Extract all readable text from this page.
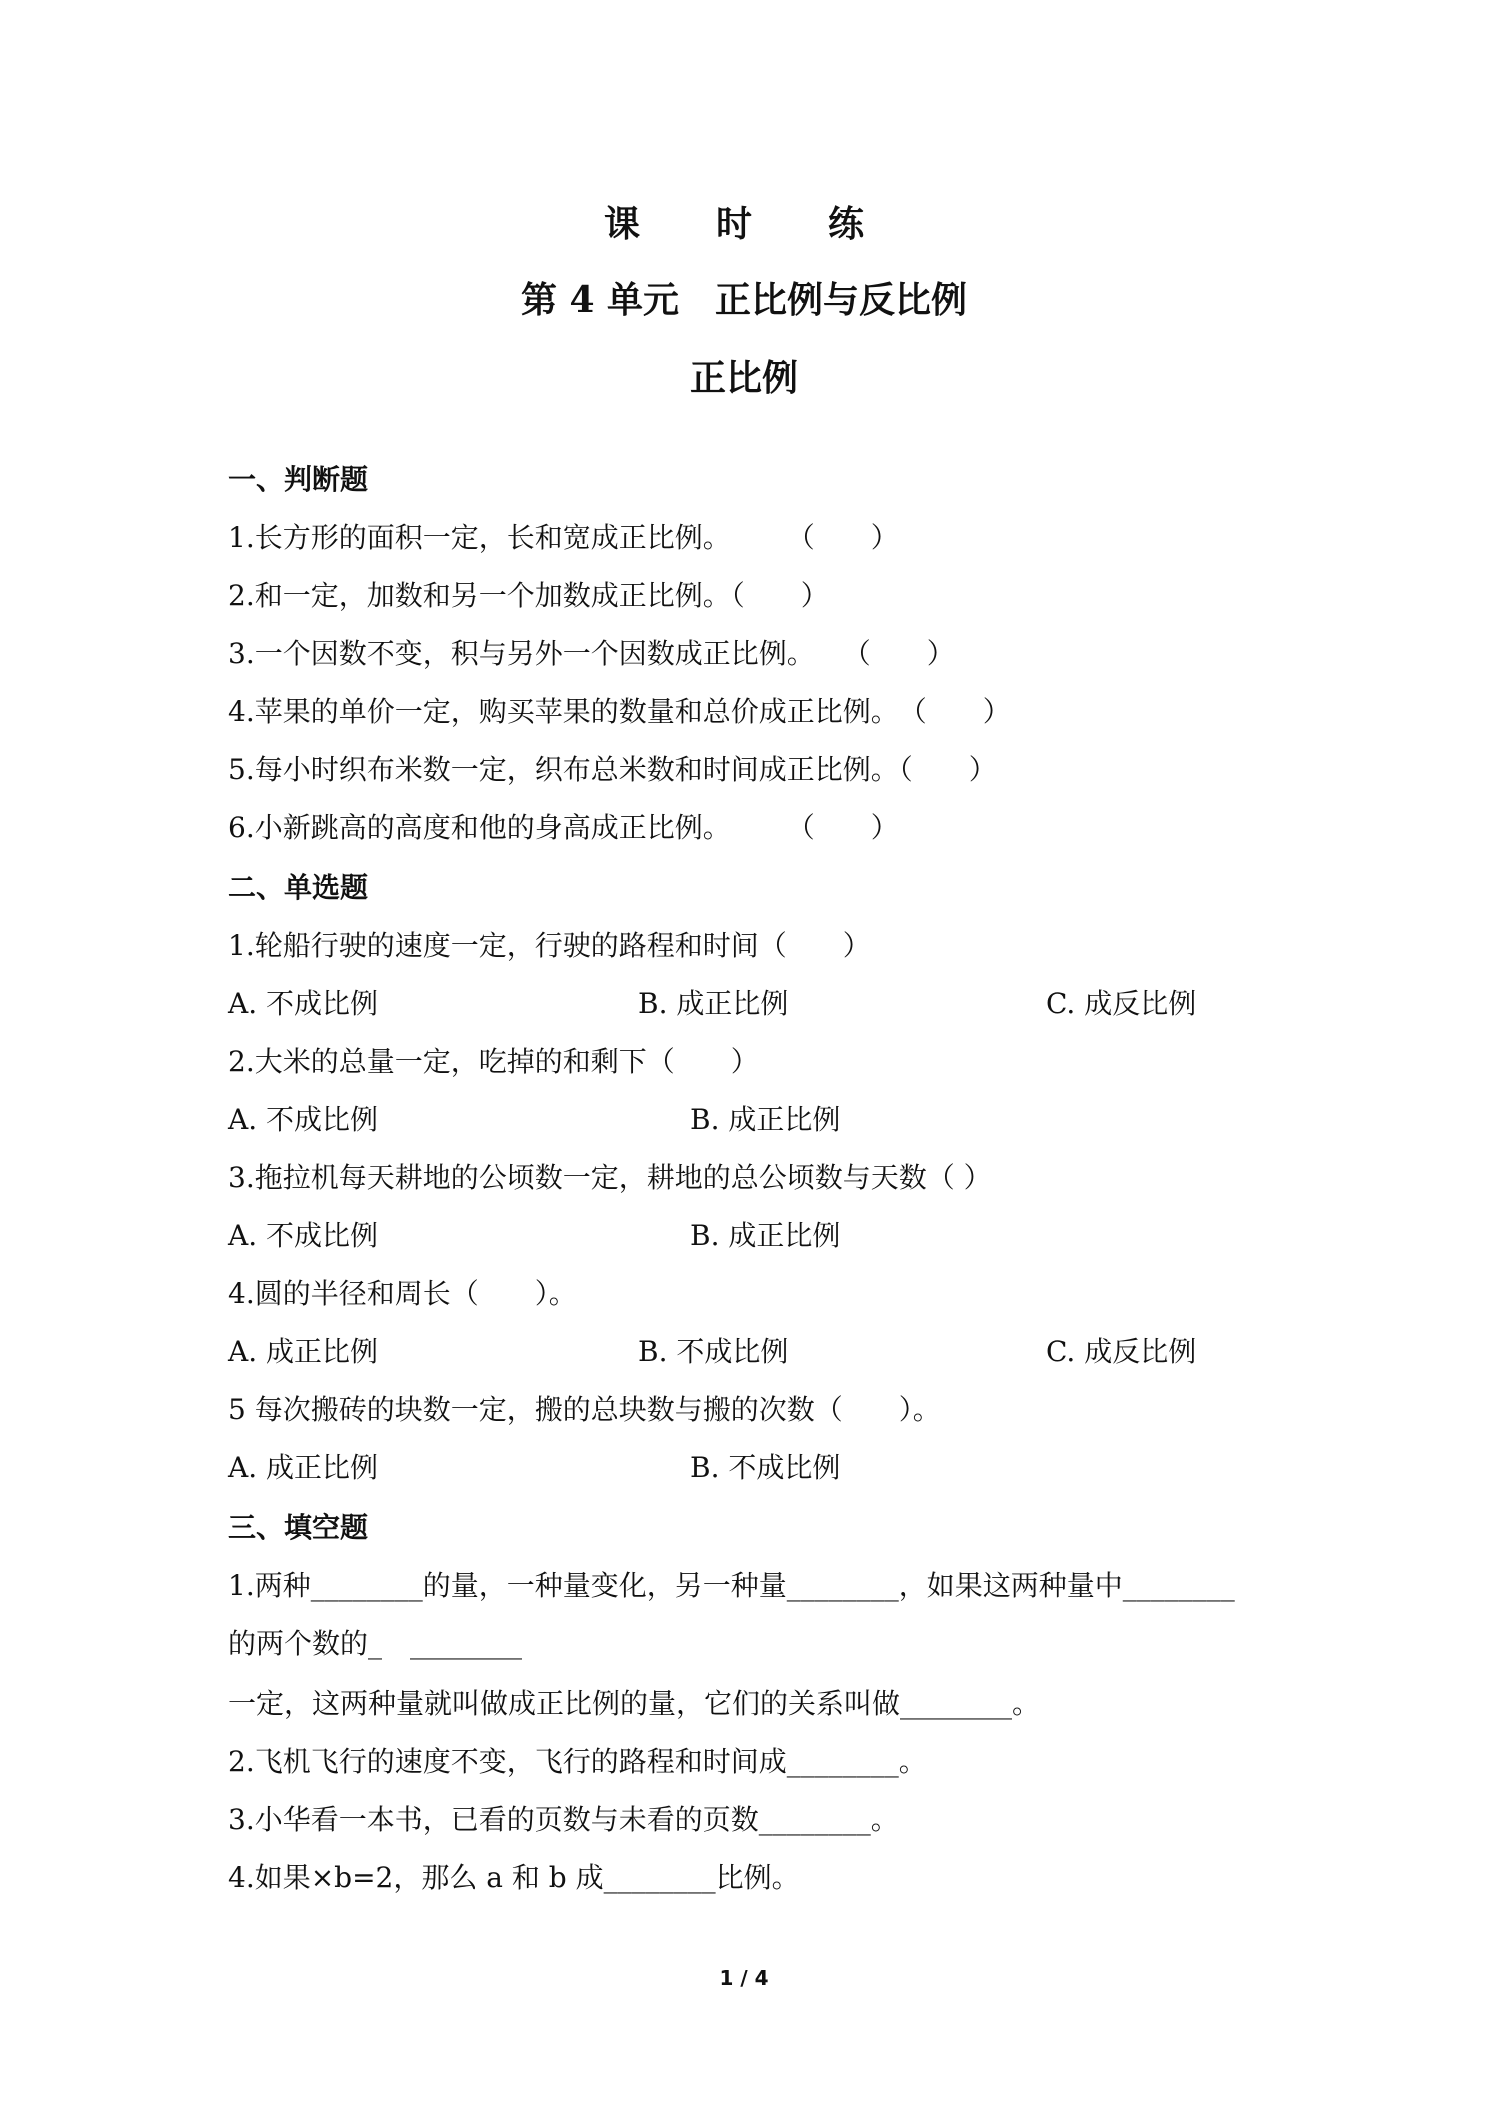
课　时　练
第 4 单元　正比例与反比例
正比例
一、判断题
1.长方形的面积一定，长和宽成正比例。　　　（　　）
2.和一定，加数和另一个加数成正比例。（　　）
3.一个因数不变，积与另外一个因数成正比例。　　（　　）
4.苹果的单价一定，购买苹果的数量和总价成正比例。　（　　）
5.每小时织布米数一定，织布总米数和时间成正比例。（　　）
6.小新跳高的高度和他的身高成正比例。　　　（　　）
二、单选题
1.轮船行驶的速度一定，行驶的路程和时间（　　）
A. 不成比例	B. 成正比例	C. 成反比例
2.大米的总量一定，吃掉的和剩下（　　）
A. 不成比例	B. 成正比例
3.拖拉机每天耕地的公顷数一定，耕地的总公顷数与天数（ ）
A. 不成比例	B. 成正比例
4.圆的半径和周长（　　）。
A. 成正比例	B. 不成比例	C. 成反比例
5 每次搬砖的块数一定，搬的总块数与搬的次数（　　）。
A. 成正比例	B. 不成比例
三、填空题
1.两种________的量，一种量变化，另一种量________，如果这两种量中________
的两个数的_　________
一定，这两种量就叫做成正比例的量，它们的关系叫做________。
2.飞机飞行的速度不变，飞行的路程和时间成________。
3.小华看一本书，已看的页数与未看的页数________。
4.如果×b=2，那么 a 和 b 成________比例。
1 / 4
